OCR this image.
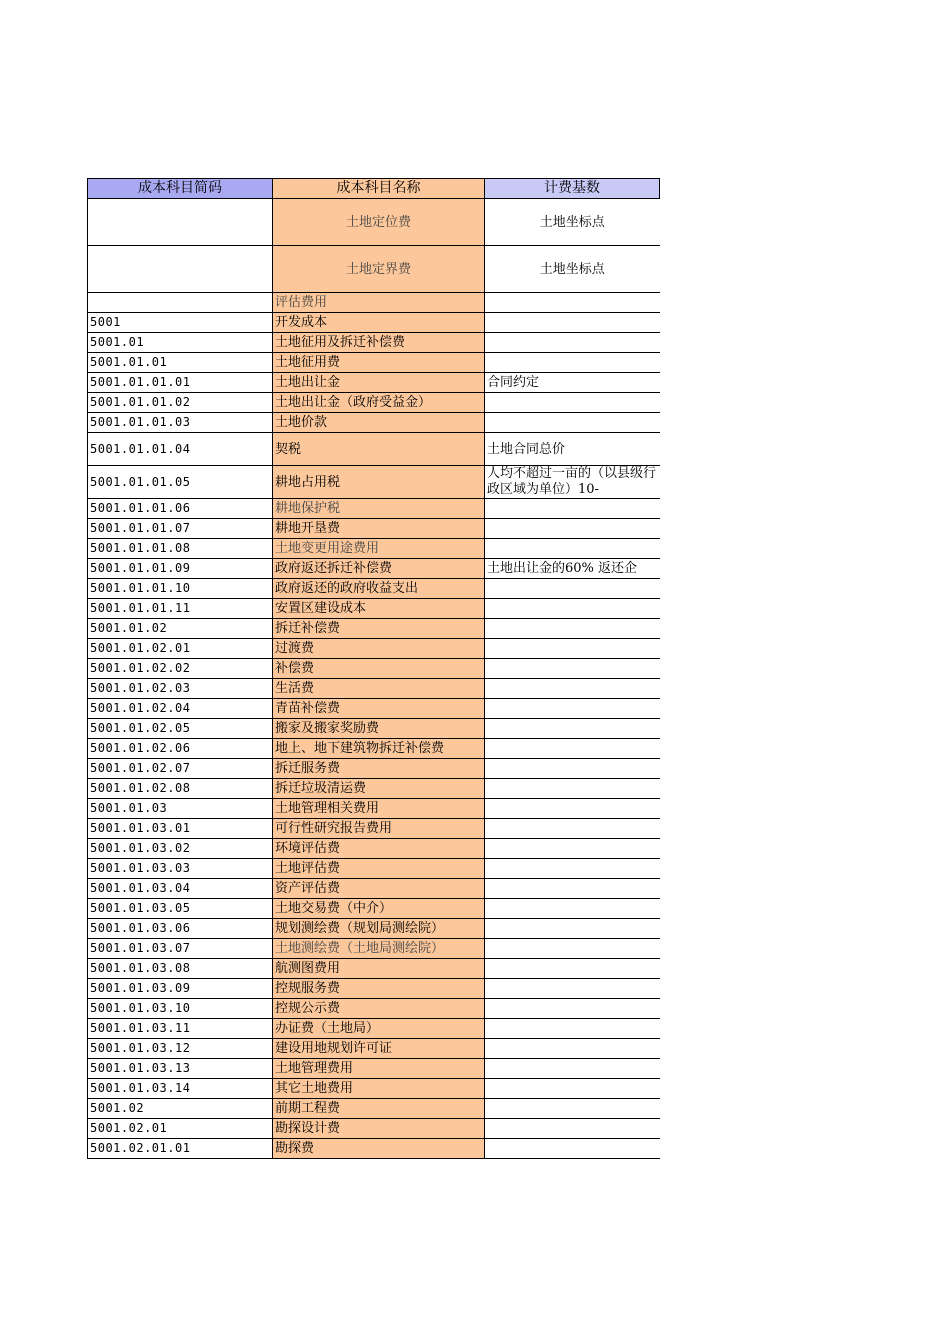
成本科目简码	成本科目名称	计费基数
	土地定位费	土地坐标点
	土地定界费	土地坐标点
	评估费用	
5001	开发成本	
5001.01	土地征用及拆迁补偿费	
5001.01.01	土地征用费	
5001.01.01.01	土地出让金	合同约定
5001.01.01.02	土地出让金（政府受益金）	
5001.01.01.03	土地价款	
5001.01.01.04	契税	土地合同总价
5001.01.01.05	耕地占用税	人均不超过一亩的（以县级行政区域为单位）10-
5001.01.01.06	耕地保护税	
5001.01.01.07	耕地开垦费	
5001.01.01.08	土地变更用途费用	
5001.01.01.09	政府返还拆迁补偿费	土地出让金的60% 返还企
5001.01.01.10	政府返还的政府收益支出	
5001.01.01.11	安置区建设成本	
5001.01.02	拆迁补偿费	
5001.01.02.01	过渡费	
5001.01.02.02	补偿费	
5001.01.02.03	生活费	
5001.01.02.04	青苗补偿费	
5001.01.02.05	搬家及搬家奖励费	
5001.01.02.06	地上、地下建筑物拆迁补偿费	
5001.01.02.07	拆迁服务费	
5001.01.02.08	拆迁垃圾清运费	
5001.01.03	土地管理相关费用	
5001.01.03.01	可行性研究报告费用	
5001.01.03.02	环境评估费	
5001.01.03.03	土地评估费	
5001.01.03.04	资产评估费	
5001.01.03.05	土地交易费（中介）	
5001.01.03.06	规划测绘费（规划局测绘院）	
5001.01.03.07	土地测绘费（土地局测绘院）	
5001.01.03.08	航测图费用	
5001.01.03.09	控规服务费	
5001.01.03.10	控规公示费	
5001.01.03.11	办证费（土地局）	
5001.01.03.12	建设用地规划许可证	
5001.01.03.13	土地管理费用	
5001.01.03.14	其它土地费用	
5001.02	前期工程费	
5001.02.01	勘探设计费	
5001.02.01.01	勘探费	
